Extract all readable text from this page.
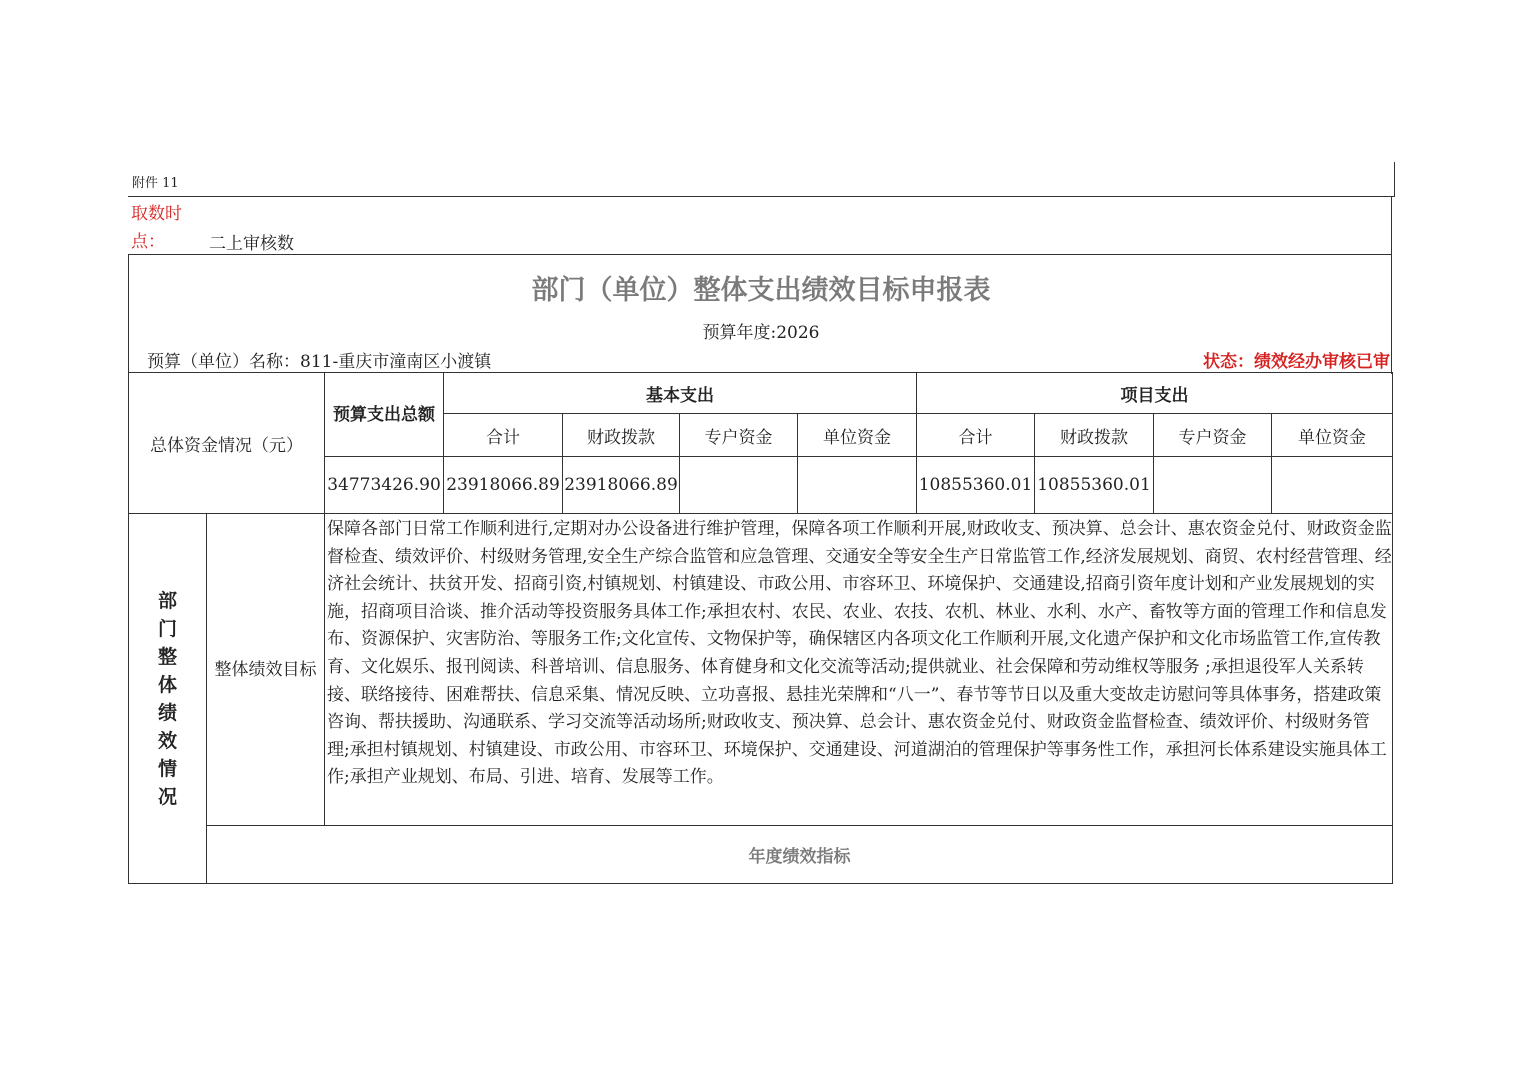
附件 11
取数时
点：	二上审核数
部门（单位）整体支出绩效目标申报表
预算年度:2026
预算（单位）名称：811-重庆市潼南区小渡镇	状态：绩效经办审核已审
总体资金情况（元）		预算支出总额	基本支出				项目支出			
			合计	财政拨款	专户资金	单位资金	合计	财政拨款	专户资金	单位资金
		34773426.90	23918066.89	23918066.89			10855360.01	10855360.01		

部门整体绩效情况	整体绩效目标	保障各部门日常工作顺利进行,定期对办公设备进行维护管理，保障各项工作顺利开展,财政收支、预决算、总会计、惠农资金兑付、财政资金监督检查、绩效评价、村级财务管理,安全生产综合监管和应急管理、交通安全等安全生产日常监管工作,经济发展规划、商贸、农村经营管理、经济社会统计、扶贫开发、招商引资,村镇规划、村镇建设、市政公用、市容环卫、环境保护、交通建设,招商引资年度计划和产业发展规划的实施，招商项目洽谈、推介活动等投资服务具体工作;承担农村、农民、农业、农技、农机、林业、水利、水产、畜牧等方面的管理工作和信息发布、资源保护、灾害防治、等服务工作;文化宣传、文物保护等，确保辖区内各项文化工作顺利开展,文化遗产保护和文化市场监管工作,宣传教育、文化娱乐、报刊阅读、科普培训、信息服务、体育健身和文化交流等活动;提供就业、社会保障和劳动维权等服务 ;承担退役军人关系转接、联络接待、困难帮扶、信息采集、情况反映、立功喜报、悬挂光荣牌和“八一”、春节等节日以及重大变故走访慰问等具体事务，搭建政策咨询、帮扶援助、沟通联系、学习交流等活动场所;财政收支、预决算、总会计、惠农资金兑付、财政资金监督检查、绩效评价、村级财务管理;承担村镇规划、村镇建设、市政公用、市容环卫、环境保护、交通建设、河道湖泊的管理保护等事务性工作，承担河长体系建设实施具体工作;承担产业规划、布局、引进、培育、发展等工作。								
	年度绩效指标									
